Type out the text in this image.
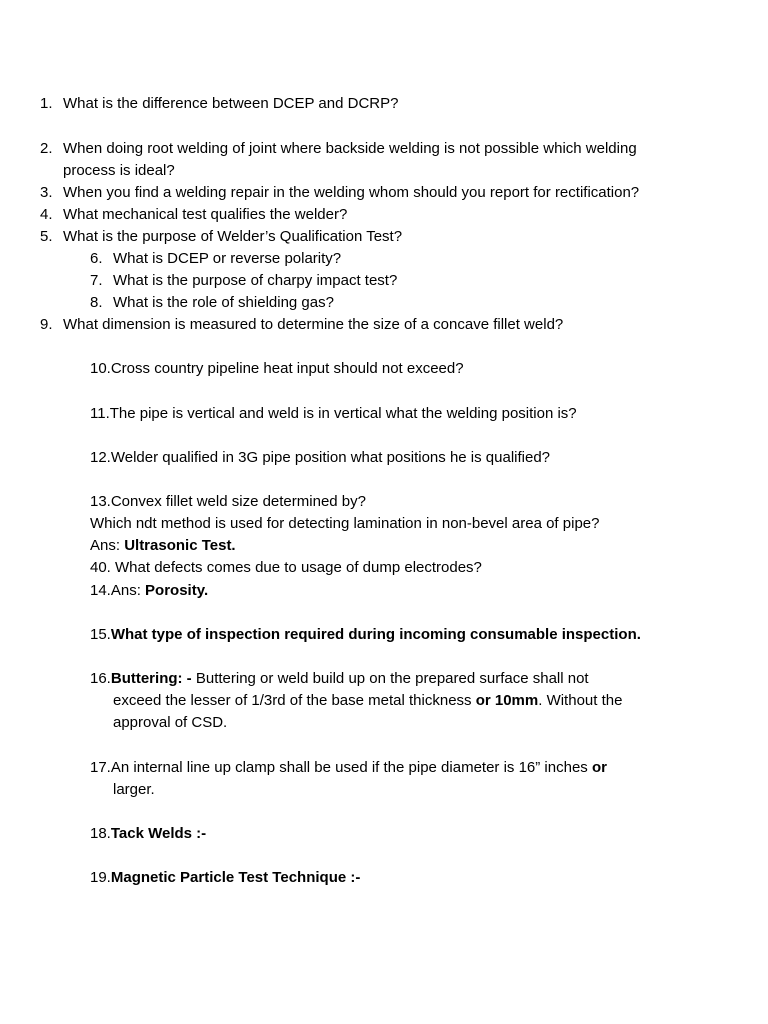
1. What is the difference between DCEP and DCRP?
2. When doing root welding of joint where backside welding is not possible which welding
process is ideal?
3. When you find a welding repair in the welding whom should you report for rectification?
4. What mechanical test qualifies the welder?
5. What is the purpose of Welder’s Qualification Test?
6. What is DCEP or reverse polarity?
7. What is the purpose of charpy impact test?
8. What is the role of shielding gas?
9. What dimension is measured to determine the size of a concave fillet weld?
10.Cross country pipeline heat input should not exceed?
11.The pipe is vertical and weld is in vertical what the welding position is?
12.Welder qualified in 3G pipe position what positions he is qualified?
13.Convex fillet weld size determined by?
Which ndt method is used for detecting lamination in non-bevel area of pipe?
Ans: Ultrasonic Test.
40. What defects comes due to usage of dump electrodes?
14.Ans: Porosity.
15.What type of inspection required during incoming consumable inspection.
16.Buttering: - Buttering or weld build up on the prepared surface shall not
exceed the lesser of 1/3rd of the base metal thickness or 10mm. Without the
approval of CSD.
17.An internal line up clamp shall be used if the pipe diameter is 16” inches or
larger.
18.Tack Welds :-
19.Magnetic Particle Test Technique :-
